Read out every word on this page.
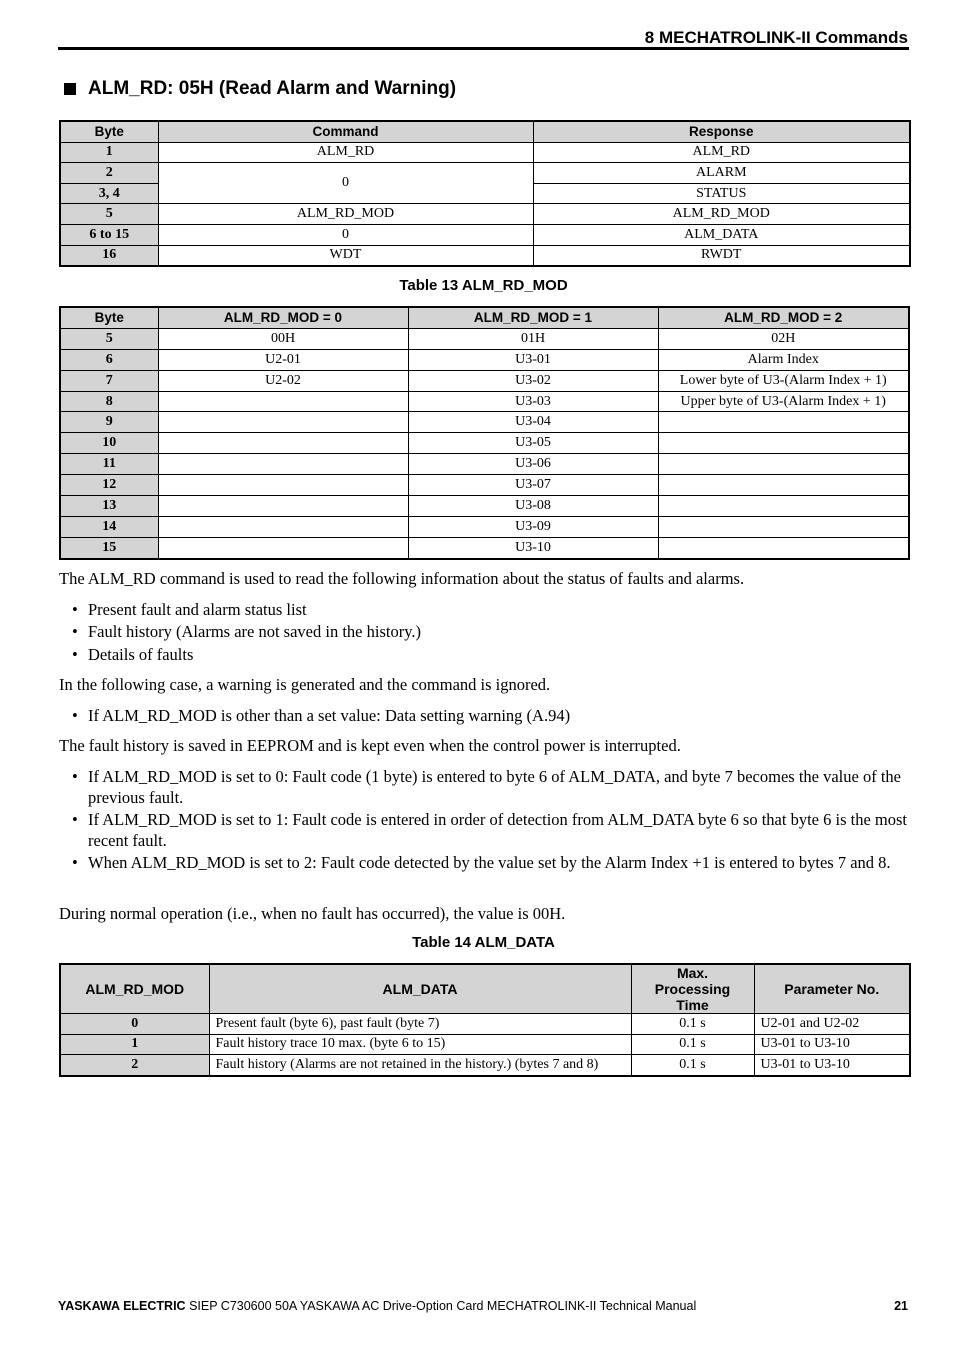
8 MECHATROLINK-II Commands
ALM_RD: 05H (Read Alarm and Warning)
Byte	Command	Response
1	ALM_RD	ALM_RD
2	0	ALARM
3, 4		STATUS
5	ALM_RD_MOD	ALM_RD_MOD
6 to 15	0	ALM_DATA
16	WDT	RWDT
Table 13 ALM_RD_MOD
Byte	ALM_RD_MOD = 0	ALM_RD_MOD = 1	ALM_RD_MOD = 2
5	00H	01H	02H
6	U2-01	U3-01	Alarm Index
7	U2-02	U3-02	Lower byte of U3-(Alarm Index + 1)
8		U3-03	Upper byte of U3-(Alarm Index + 1)
9		U3-04	
10		U3-05	
11		U3-06	
12		U3-07	
13		U3-08	
14		U3-09	
15		U3-10	
The ALM_RD command is used to read the following information about the status of faults and alarms.
• Present fault and alarm status list
• Fault history (Alarms are not saved in the history.)
• Details of faults
In the following case, a warning is generated and the command is ignored.
• If ALM_RD_MOD is other than a set value: Data setting warning (A.94)
The fault history is saved in EEPROM and is kept even when the control power is interrupted.
• If ALM_RD_MOD is set to 0: Fault code (1 byte) is entered to byte 6 of ALM_DATA, and byte 7 becomes the value of the previous fault.
• If ALM_RD_MOD is set to 1: Fault code is entered in order of detection from ALM_DATA byte 6 so that byte 6 is the most recent fault.
• When ALM_RD_MOD is set to 2: Fault code detected by the value set by the Alarm Index +1 is entered to bytes 7 and 8.
During normal operation (i.e., when no fault has occurred), the value is 00H.
Table 14 ALM_DATA
ALM_RD_MOD	ALM_DATA	Max. Processing Time	Parameter No.
0	Present fault (byte 6), past fault (byte 7)	0.1 s	U2-01 and U2-02
1	Fault history trace 10 max. (byte 6 to 15)	0.1 s	U3-01 to U3-10
2	Fault history (Alarms are not retained in the history.) (bytes 7 and 8)	0.1 s	U3-01 to U3-10
YASKAWA ELECTRIC SIEP C730600 50A YASKAWA AC Drive-Option Card MECHATROLINK-II Technical Manual	21
